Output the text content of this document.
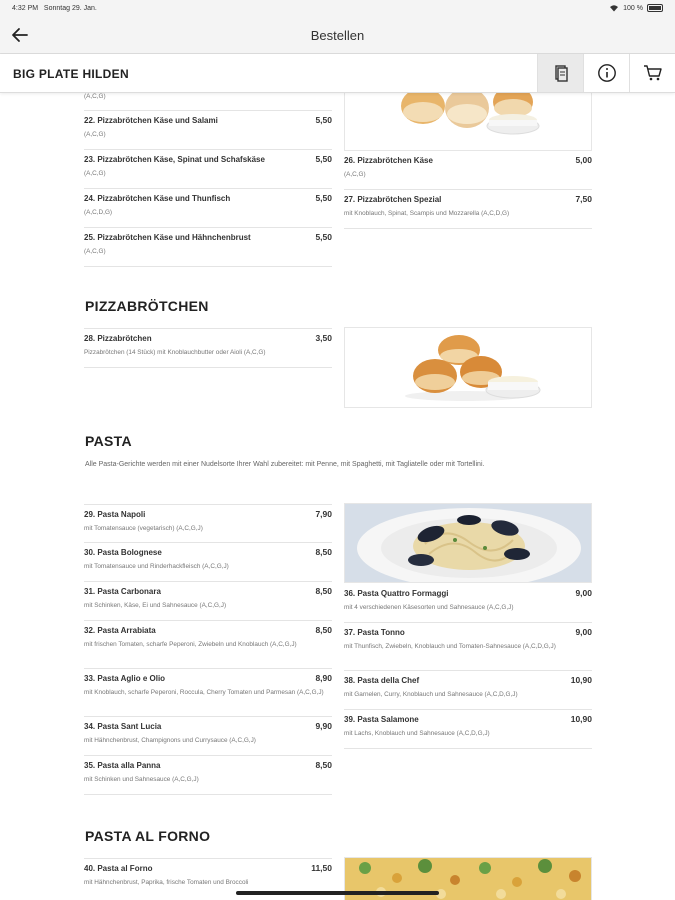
4:32 PM Sonntag 29. Jan.	100 %
Bestellen
BIG PLATE HILDEN
(A,C,G)
22. Pizzabrötchen Käse und Salami	5,50
(A,C,G)
23. Pizzabrötchen Käse, Spinat und Schafskäse	5,50
(A,C,G)
24. Pizzabrötchen Käse und Thunfisch	5,50
(A,C,D,G)
25. Pizzabrötchen Käse und Hähnchenbrust	5,50
(A,C,G)
26. Pizzabrötchen Käse	5,00
(A,C,G)
27. Pizzabrötchen Spezial	7,50
mit Knoblauch, Spinat, Scampis und Mozzarella (A,C,D,G)
PIZZABRÖTCHEN
28. Pizzabrötchen	3,50
Pizzabrötchen (14 Stück) mit Knoblauchbutter oder Aioli (A,C,G)
PASTA
Alle Pasta-Gerichte werden mit einer Nudelsorte Ihrer Wahl zubereitet: mit Penne, mit Spaghetti, mit Tagliatelle oder mit Tortellini.
29. Pasta Napoli	7,90
mit Tomatensauce (vegetarisch) (A,C,G,J)
30. Pasta Bolognese	8,50
mit Tomatensauce und Rinderhackfleisch (A,C,G,J)
31. Pasta Carbonara	8,50
mit Schinken, Käse, Ei und Sahnesauce (A,C,G,J)
32. Pasta Arrabiata	8,50
mit frischen Tomaten, scharfe Peperoni, Zwiebeln und Knoblauch (A,C,G,J)
33. Pasta Aglio e Olio	8,90
mit Knoblauch, scharfe Peperoni, Roccula, Cherry Tomaten und Parmesan (A,C,G,J)
34. Pasta Sant Lucia	9,90
mit Hähnchenbrust, Champignons und Currysauce (A,C,G,J)
35. Pasta alla Panna	8,50
mit Schinken und Sahnesauce (A,C,G,J)
36. Pasta Quattro Formaggi	9,00
mit 4 verschiedenen Käsesorten und Sahnesauce (A,C,G,J)
37. Pasta Tonno	9,00
mit Thunfisch, Zwiebeln, Knoblauch und Tomaten-Sahnesauce (A,C,D,G,J)
38. Pasta della Chef	10,90
mit Garnelen, Curry, Knoblauch und Sahnesauce (A,C,D,G,J)
39. Pasta Salamone	10,90
mit Lachs, Knoblauch und Sahnesauce (A,C,D,G,J)
PASTA AL FORNO
40. Pasta al Forno	11,50
mit Hähnchenbrust, Paprika, frische Tomaten und Broccoli
